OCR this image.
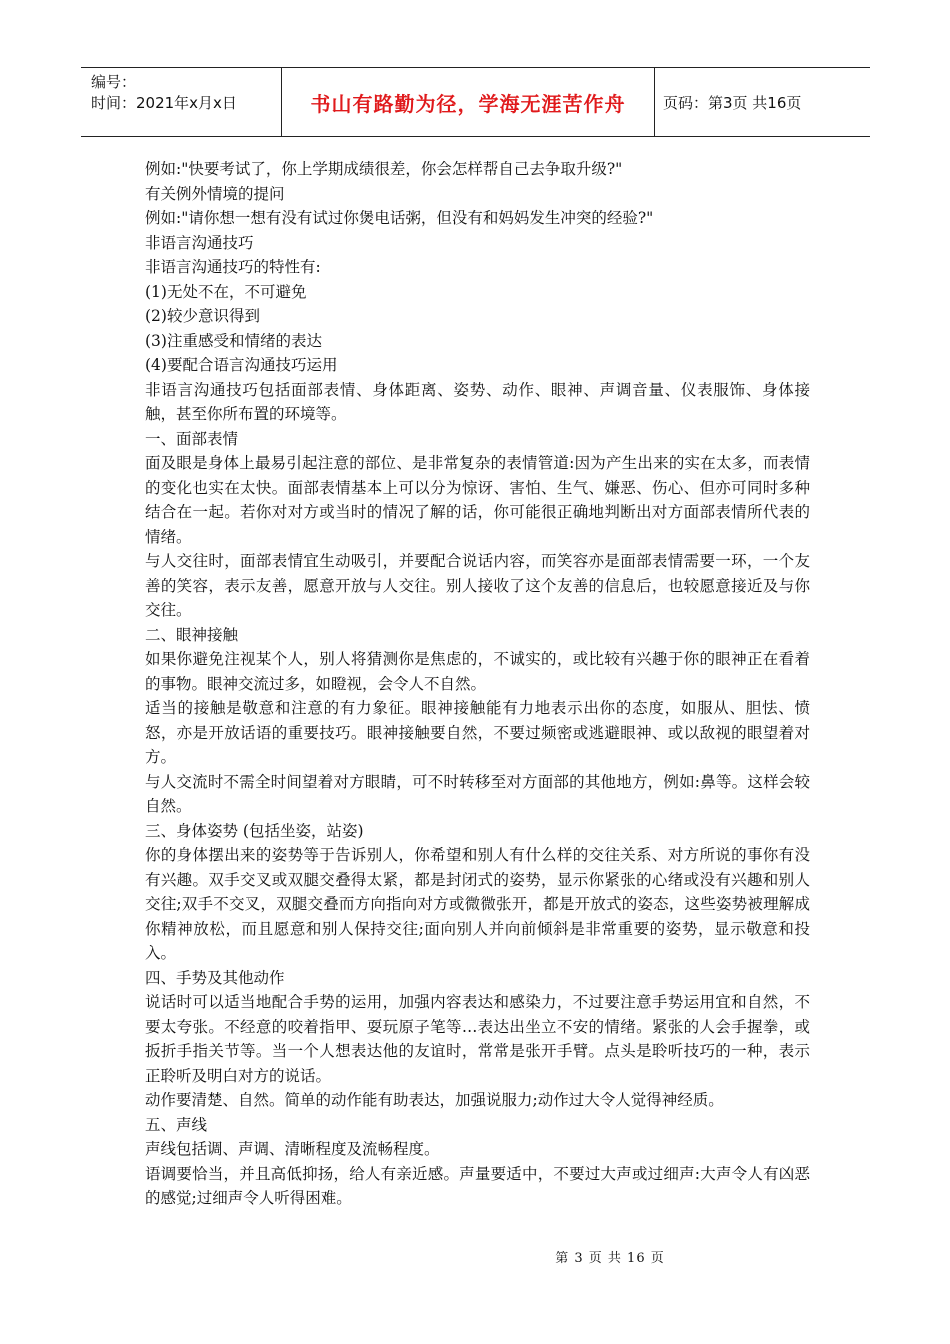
编号：
时间：2021年x月x日	书山有路勤为径，学海无涯苦作舟	页码：第3页 共16页

例如:"快要考试了，你上学期成绩很差，你会怎样帮自己去争取升级?"

有关例外情境的提问

例如:"请你想一想有没有试过你煲电话粥，但没有和妈妈发生冲突的经验?"

非语言沟通技巧

非语言沟通技巧的特性有:

(1)无处不在，不可避免

(2)较少意识得到

(3)注重感受和情绪的表达

(4)要配合语言沟通技巧运用

非语言沟通技巧包括面部表情、身体距离、姿势、动作、眼神、声调音量、仪表服饰、身体接触，甚至你所布置的环境等。

一、面部表情

面及眼是身体上最易引起注意的部位、是非常复杂的表情管道:因为产生出来的实在太多，而表情的变化也实在太快。面部表情基本上可以分为惊讶、害怕、生气、嫌恶、伤心、但亦可同时多种结合在一起。若你对对方或当时的情况了解的话，你可能很正确地判断出对方面部表情所代表的情绪。

与人交往时，面部表情宜生动吸引，并要配合说话内容，而笑容亦是面部表情需要一环，一个友善的笑容，表示友善，愿意开放与人交往。别人接收了这个友善的信息后，也较愿意接近及与你交往。

二、眼神接触

如果你避免注视某个人，别人将猜测你是焦虑的，不诚实的，或比较有兴趣于你的眼神正在看着的事物。眼神交流过多，如瞪视，会令人不自然。

适当的接触是敬意和注意的有力象征。眼神接触能有力地表示出你的态度，如服从、胆怯、愤怒，亦是开放话语的重要技巧。眼神接触要自然，不要过频密或逃避眼神、或以敌视的眼望着对方。

与人交流时不需全时间望着对方眼睛，可不时转移至对方面部的其他地方，例如:鼻等。这样会较自然。

三、身体姿势 (包括坐姿，站姿)

你的身体摆出来的姿势等于告诉别人，你希望和别人有什么样的交往关系、对方所说的事你有没有兴趣。双手交叉或双腿交叠得太紧，都是封闭式的姿势，显示你紧张的心绪或没有兴趣和别人交往;双手不交叉，双腿交叠而方向指向对方或微微张开，都是开放式的姿态，这些姿势被理解成你精神放松，而且愿意和别人保持交往;面向别人并向前倾斜是非常重要的姿势，显示敬意和投入。

四、手势及其他动作

说话时可以适当地配合手势的运用，加强内容表达和感染力，不过要注意手势运用宜和自然，不要太夸张。不经意的咬着指甲、耍玩原子笔等…表达出坐立不安的情绪。紧张的人会手握拳，或扳折手指关节等。当一个人想表达他的友谊时，常常是张开手臂。点头是聆听技巧的一种，表示正聆听及明白对方的说话。

动作要清楚、自然。简单的动作能有助表达，加强说服力;动作过大令人觉得神经质。

五、声线

声线包括调、声调、清晰程度及流畅程度。

语调要恰当，并且高低抑扬，给人有亲近感。声量要适中，不要过大声或过细声:大声令人有凶恶的感觉;过细声令人听得困难。

第 3 页 共 16 页
